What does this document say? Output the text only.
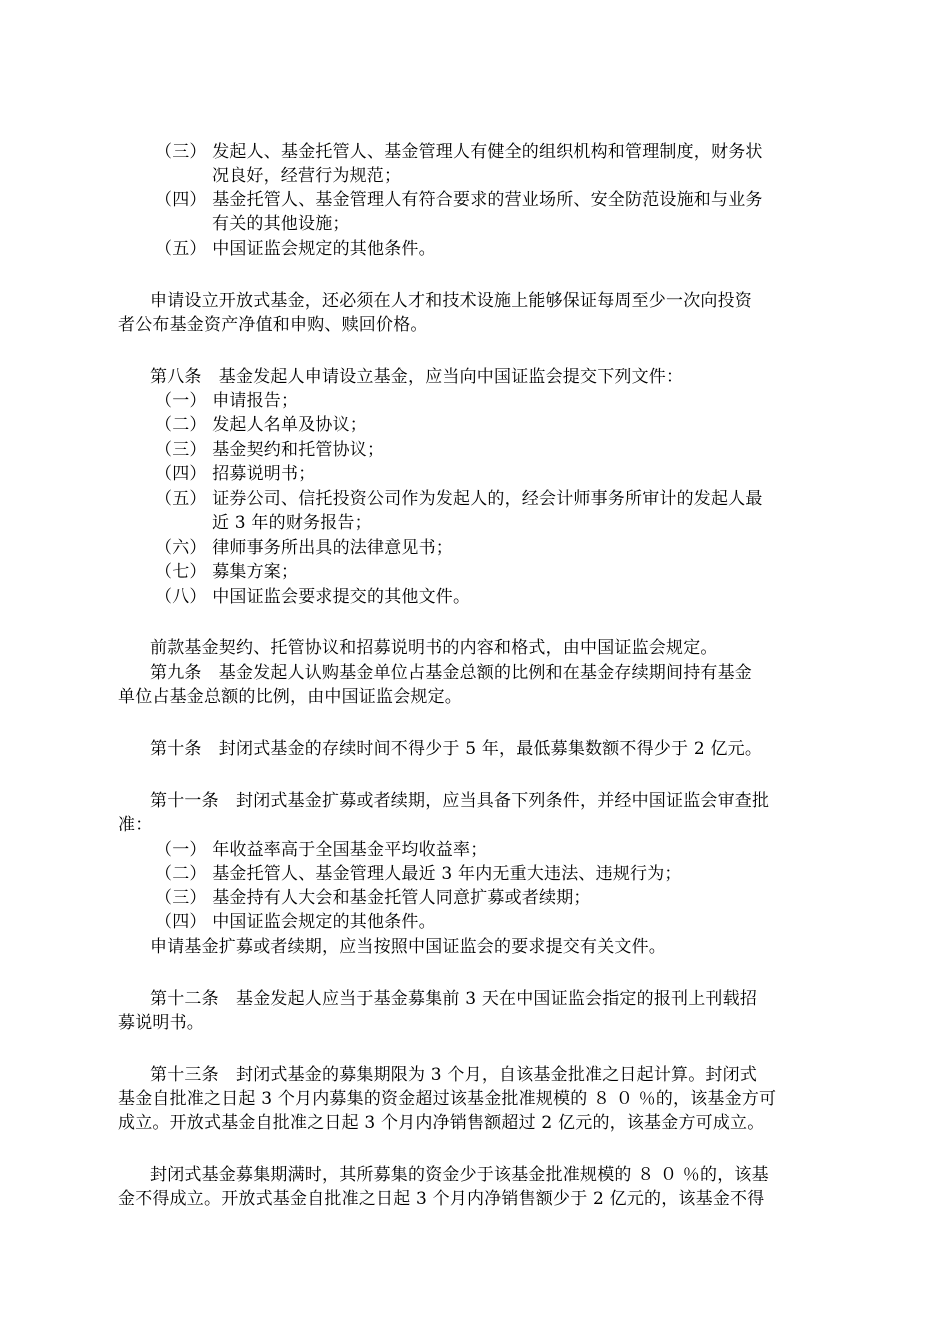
（三） 发起人、基金托管人、基金管理人有健全的组织机构和管理制度，财务状
况良好，经营行为规范；
（四） 基金托管人、基金管理人有符合要求的营业场所、安全防范设施和与业务
有关的其他设施；
（五） 中国证监会规定的其他条件。
申请设立开放式基金，还必须在人才和技术设施上能够保证每周至少一次向投资
者公布基金资产净值和申购、赎回价格。
第八条　基金发起人申请设立基金，应当向中国证监会提交下列文件：
（一） 申请报告；
（二） 发起人名单及协议；
（三） 基金契约和托管协议；
（四） 招募说明书；
（五） 证券公司、信托投资公司作为发起人的，经会计师事务所审计的发起人最
近 3 年的财务报告；
（六） 律师事务所出具的法律意见书；
（七） 募集方案；
（八） 中国证监会要求提交的其他文件。
前款基金契约、托管协议和招募说明书的内容和格式，由中国证监会规定。
第九条　基金发起人认购基金单位占基金总额的比例和在基金存续期间持有基金
单位占基金总额的比例，由中国证监会规定。
第十条　封闭式基金的存续时间不得少于 5 年，最低募集数额不得少于 2 亿元。
第十一条　封闭式基金扩募或者续期，应当具备下列条件，并经中国证监会审查批
准：
（一） 年收益率高于全国基金平均收益率；
（二） 基金托管人、基金管理人最近 3 年内无重大违法、违规行为；
（三） 基金持有人大会和基金托管人同意扩募或者续期；
（四） 中国证监会规定的其他条件。
申请基金扩募或者续期，应当按照中国证监会的要求提交有关文件。
第十二条　基金发起人应当于基金募集前 3 天在中国证监会指定的报刊上刊载招
募说明书。
第十三条　封闭式基金的募集期限为 3 个月，自该基金批准之日起计算。封闭式
基金自批准之日起 3 个月内募集的资金超过该基金批准规模的 ８ ０ ％的，该基金方可
成立。开放式基金自批准之日起 3 个月内净销售额超过 2 亿元的，该基金方可成立。
封闭式基金募集期满时，其所募集的资金少于该基金批准规模的 ８ ０ ％的，该基
金不得成立。开放式基金自批准之日起 3 个月内净销售额少于 2 亿元的，该基金不得
